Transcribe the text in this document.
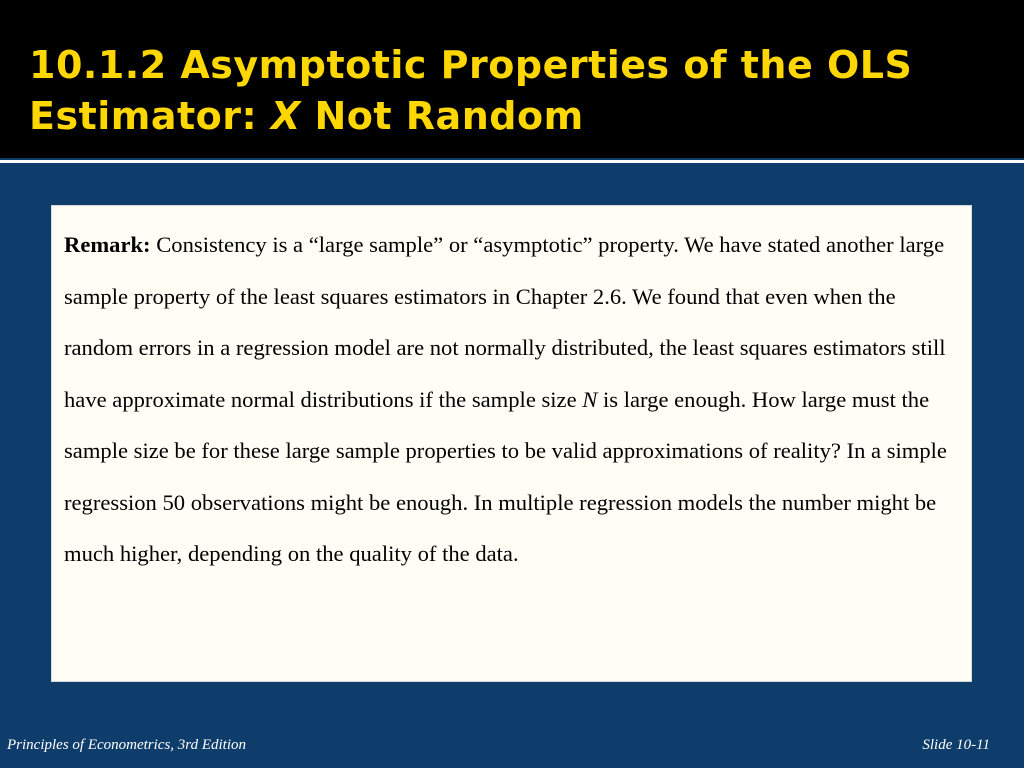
10.1.2 Asymptotic Properties of the OLS
Estimator: X Not Random

Remark: Consistency is a “large sample” or “asymptotic” property. We have stated another large sample property of the least squares estimators in Chapter 2.6. We found that even when the random errors in a regression model are not normally distributed, the least squares estimators still have approximate normal distributions if the sample size N is large enough. How large must the sample size be for these large sample properties to be valid approximations of reality? In a simple regression 50 observations might be enough. In multiple regression models the number might be much higher, depending on the quality of the data.

Principles of Econometrics, 3rd Edition	Slide 10-11
